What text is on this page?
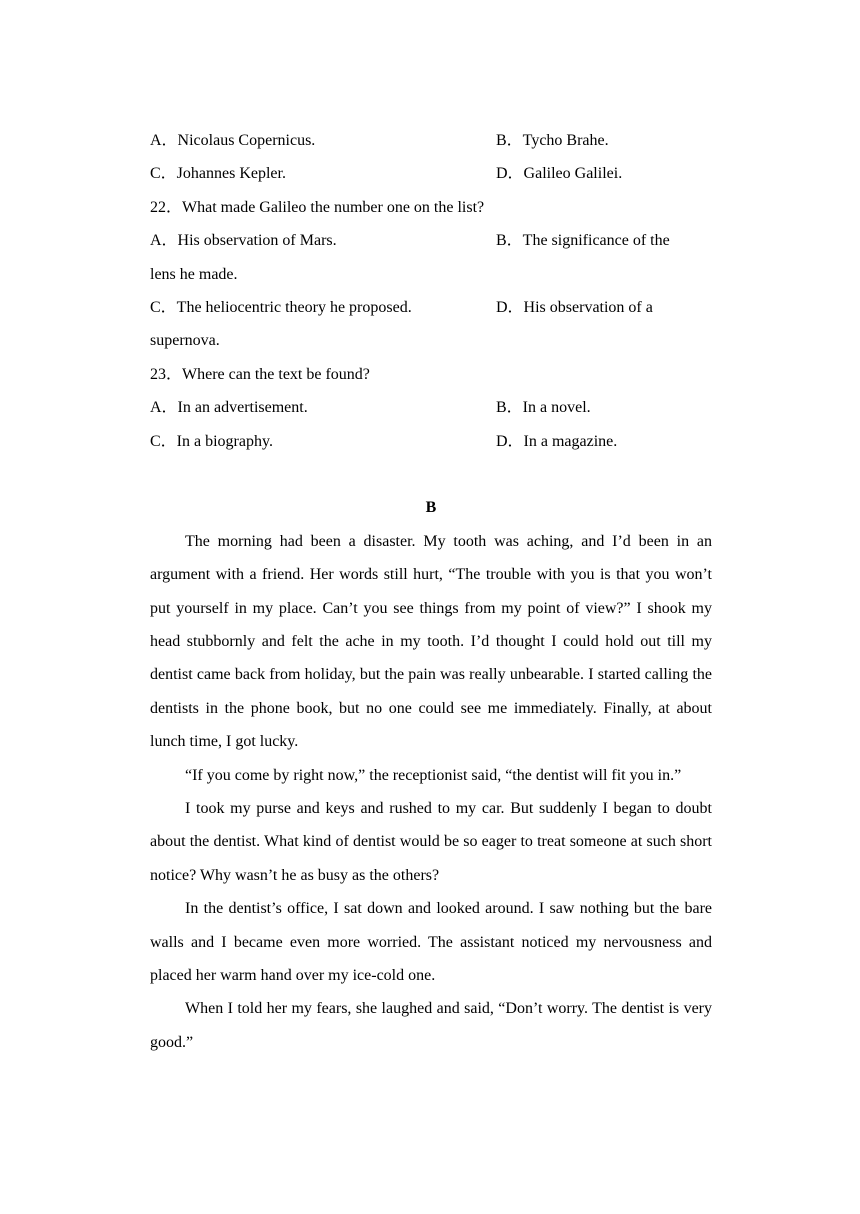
A．Nicolaus Copernicus.	B．Tycho Brahe.
C．Johannes Kepler.	D．Galileo Galilei.
22．What made Galileo the number one on the list?
A．His observation of Mars.	B．The significance of the
lens he made.
C．The heliocentric theory he proposed.	D．His observation of a
supernova.
23．Where can the text be found?
A．In an advertisement.	B．In a novel.
C．In a biography.	D．In a magazine.
B

The morning had been a disaster. My tooth was aching, and I’d been in an argument with a friend. Her words still hurt, “The trouble with you is that you won’t put yourself in my place. Can’t you see things from my point of view?” I shook my head stubbornly and felt the ache in my tooth. I’d thought I could hold out till my dentist came back from holiday, but the pain was really unbearable. I started calling the dentists in the phone book, but no one could see me immediately. Finally, at about lunch time, I got lucky.

“If you come by right now,” the receptionist said, “the dentist will fit you in.”

I took my purse and keys and rushed to my car. But suddenly I began to doubt about the dentist. What kind of dentist would be so eager to treat someone at such short notice? Why wasn’t he as busy as the others?

In the dentist’s office, I sat down and looked around. I saw nothing but the bare walls and I became even more worried. The assistant noticed my nervousness and placed her warm hand over my ice-cold one.

When I told her my fears, she laughed and said, “Don’t worry. The dentist is very good.”
